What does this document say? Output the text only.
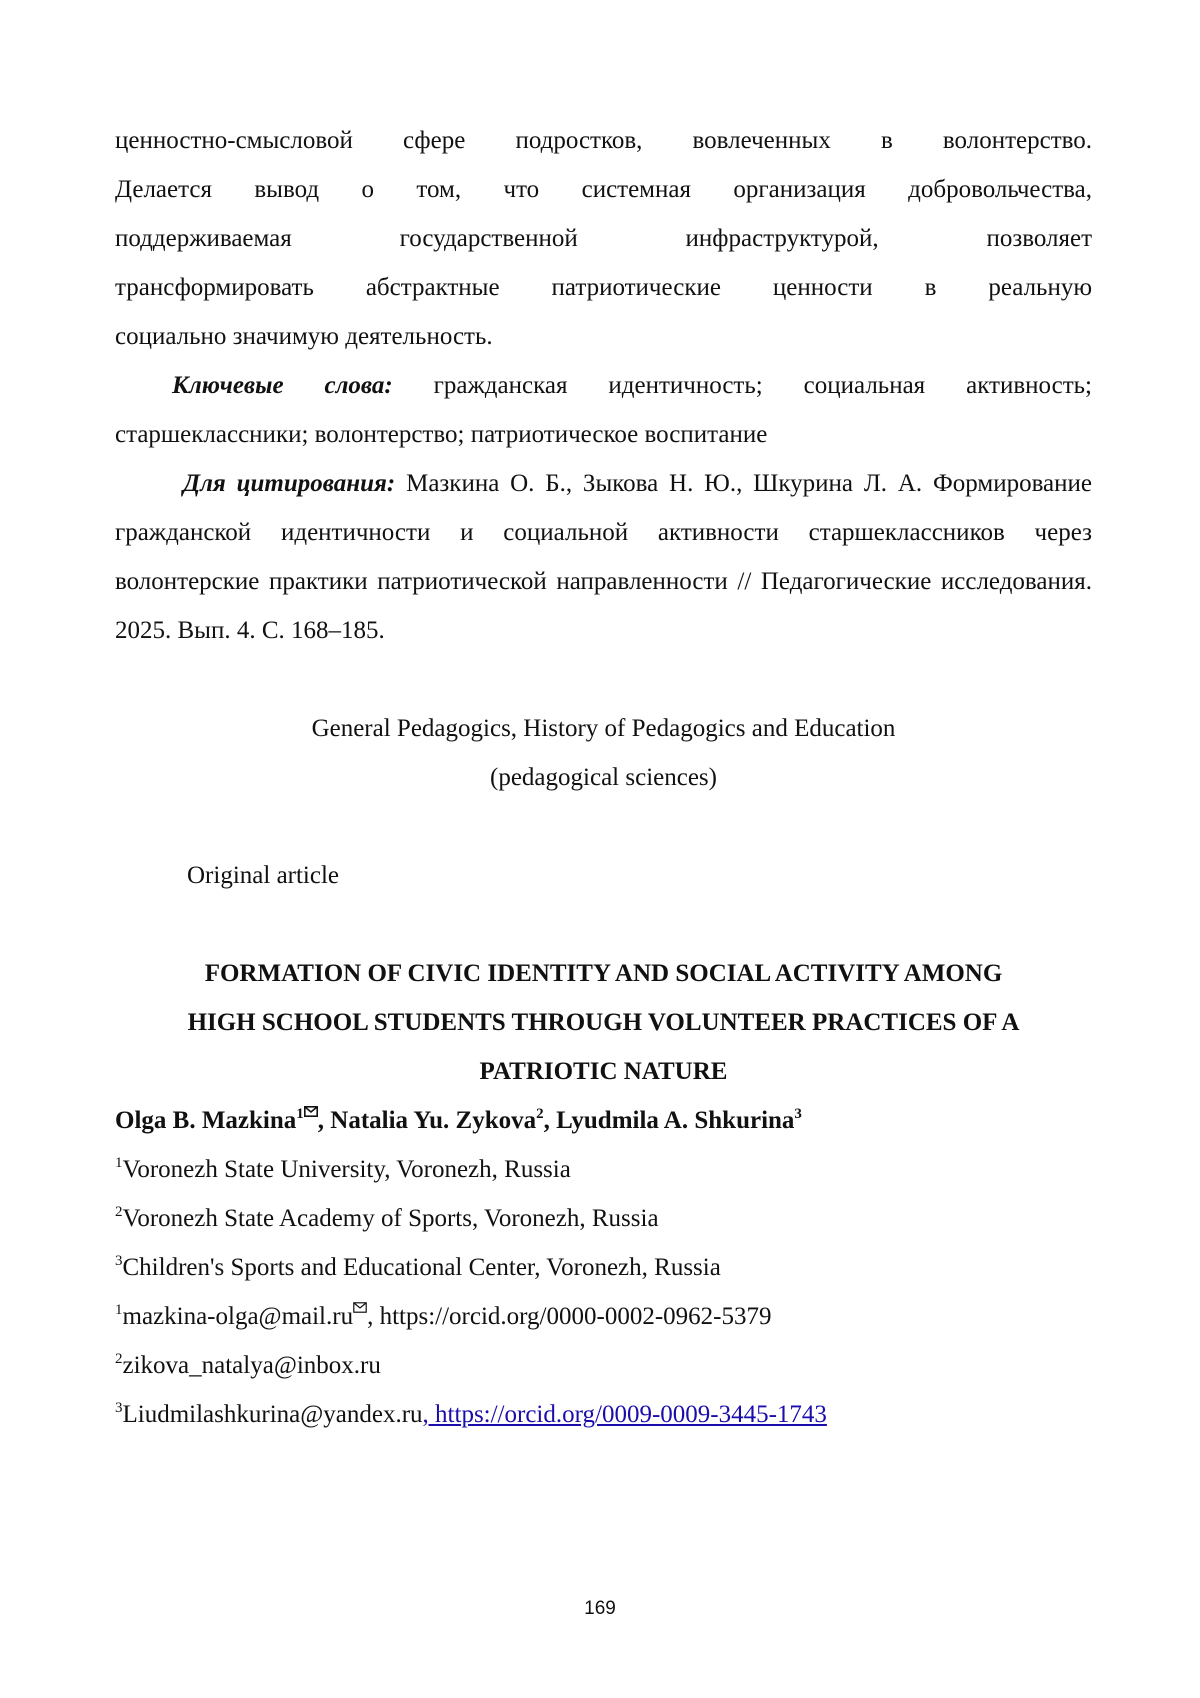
ценностно-смысловой сфере подростков, вовлеченных в волонтерство.

Делается вывод о том, что системная организация добровольчества,

поддерживаемая государственной инфраструктурой, позволяет

трансформировать абстрактные патриотические ценности в реальную

социально значимую деятельность.

Ключевые слова: гражданская идентичность; социальная активность; старшеклассники; волонтерство; патриотическое воспитание

Для цитирования: Мазкина О. Б., Зыкова Н. Ю., Шкурина Л. А. Формирование гражданской идентичности и социальной активности старшеклассников через волонтерские практики патриотической направленности // Педагогические исследования. 2025. Вып. 4. С. 168–185.

General Pedagogics, History of Pedagogics and Education

(pedagogical sciences)

Original article

FORMATION OF CIVIC IDENTITY AND SOCIAL ACTIVITY AMONG
HIGH SCHOOL STUDENTS THROUGH VOLUNTEER PRACTICES OF A
PATRIOTIC NATURE

Olga B. Mazkina$^1$ , Natalia Yu. Zykova$^2$, Lyudmila A. Shkurina$^3$

$^1$Voronezh State University, Voronezh, Russia

$^2$Voronezh State Academy of Sports, Voronezh, Russia

$^3$Children's Sports and Educational Center, Voronezh, Russia

$^1$mazkina-olga@mail.ru , https://orcid.org/0000-0002-0962-5379

$^2$zikova_natalya@inbox.ru

$^3$Liudmilashkurina@yandex.ru, https://orcid.org/0009-0009-3445-1743

169
